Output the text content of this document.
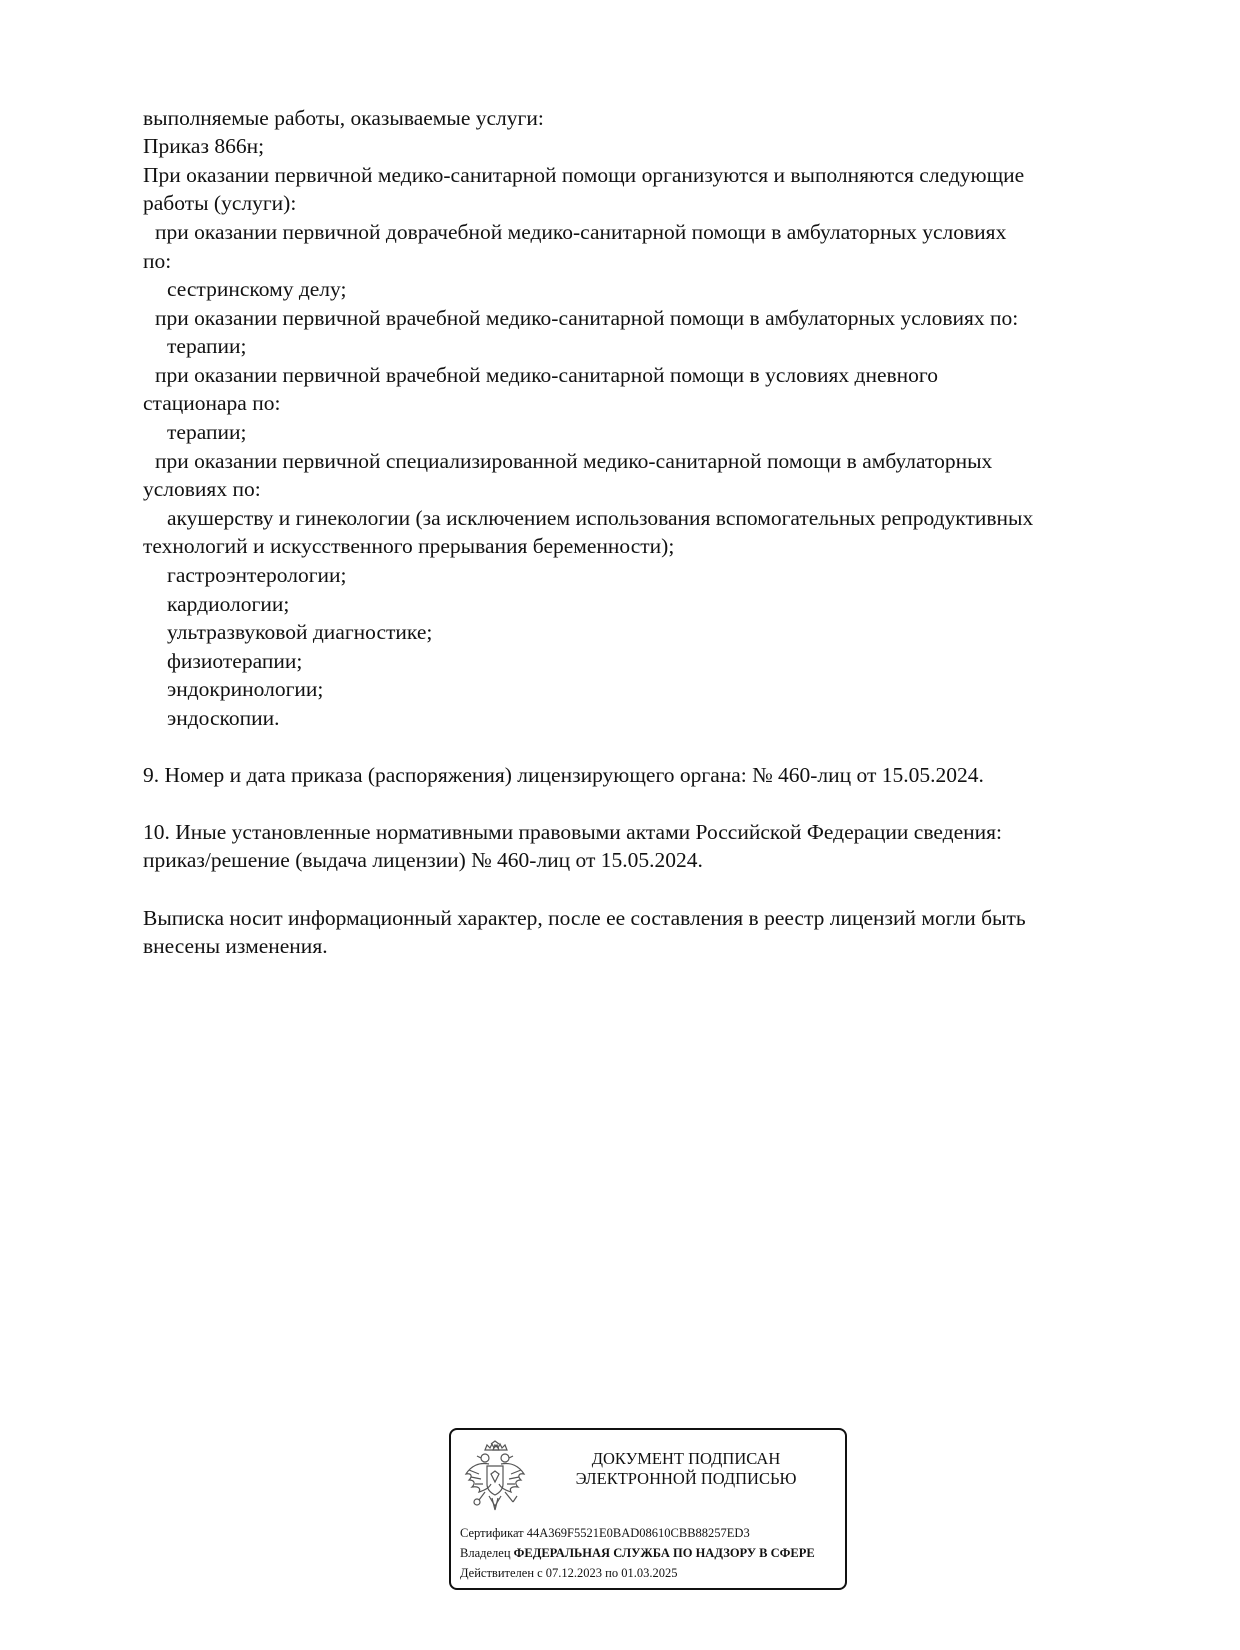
выполняемые работы, оказываемые услуги:
Приказ 866н;
При оказании первичной медико-санитарной помощи организуются и выполняются следующие
работы (услуги):
при оказании первичной доврачебной медико-санитарной помощи в амбулаторных условиях
по:
сестринскому делу;
при оказании первичной врачебной медико-санитарной помощи в амбулаторных условиях по:
терапии;
при оказании первичной врачебной медико-санитарной помощи в условиях дневного
стационара по:
терапии;
при оказании первичной специализированной медико-санитарной помощи в амбулаторных
условиях по:
акушерству и гинекологии (за исключением использования вспомогательных репродуктивных
технологий и искусственного прерывания беременности);
гастроэнтерологии;
кардиологии;
ультразвуковой диагностике;
физиотерапии;
эндокринологии;
эндоскопии.
9. Номер и дата приказа (распоряжения) лицензирующего органа: № 460-лиц от 15.05.2024.
10. Иные установленные нормативными правовыми актами Российской Федерации сведения:
приказ/решение (выдача лицензии) № 460-лиц от 15.05.2024.
Выписка носит информационный характер, после ее составления в реестр лицензий могли быть
внесены изменения.
ДОКУМЕНТ ПОДПИСАН
ЭЛЕКТРОННОЙ ПОДПИСЬЮ
Сертификат 44A369F5521E0BAD08610CBB88257ED3
Владелец ФЕДЕРАЛЬНАЯ СЛУЖБА ПО НАДЗОРУ В СФЕРЕ
Действителен с 07.12.2023 по 01.03.2025
